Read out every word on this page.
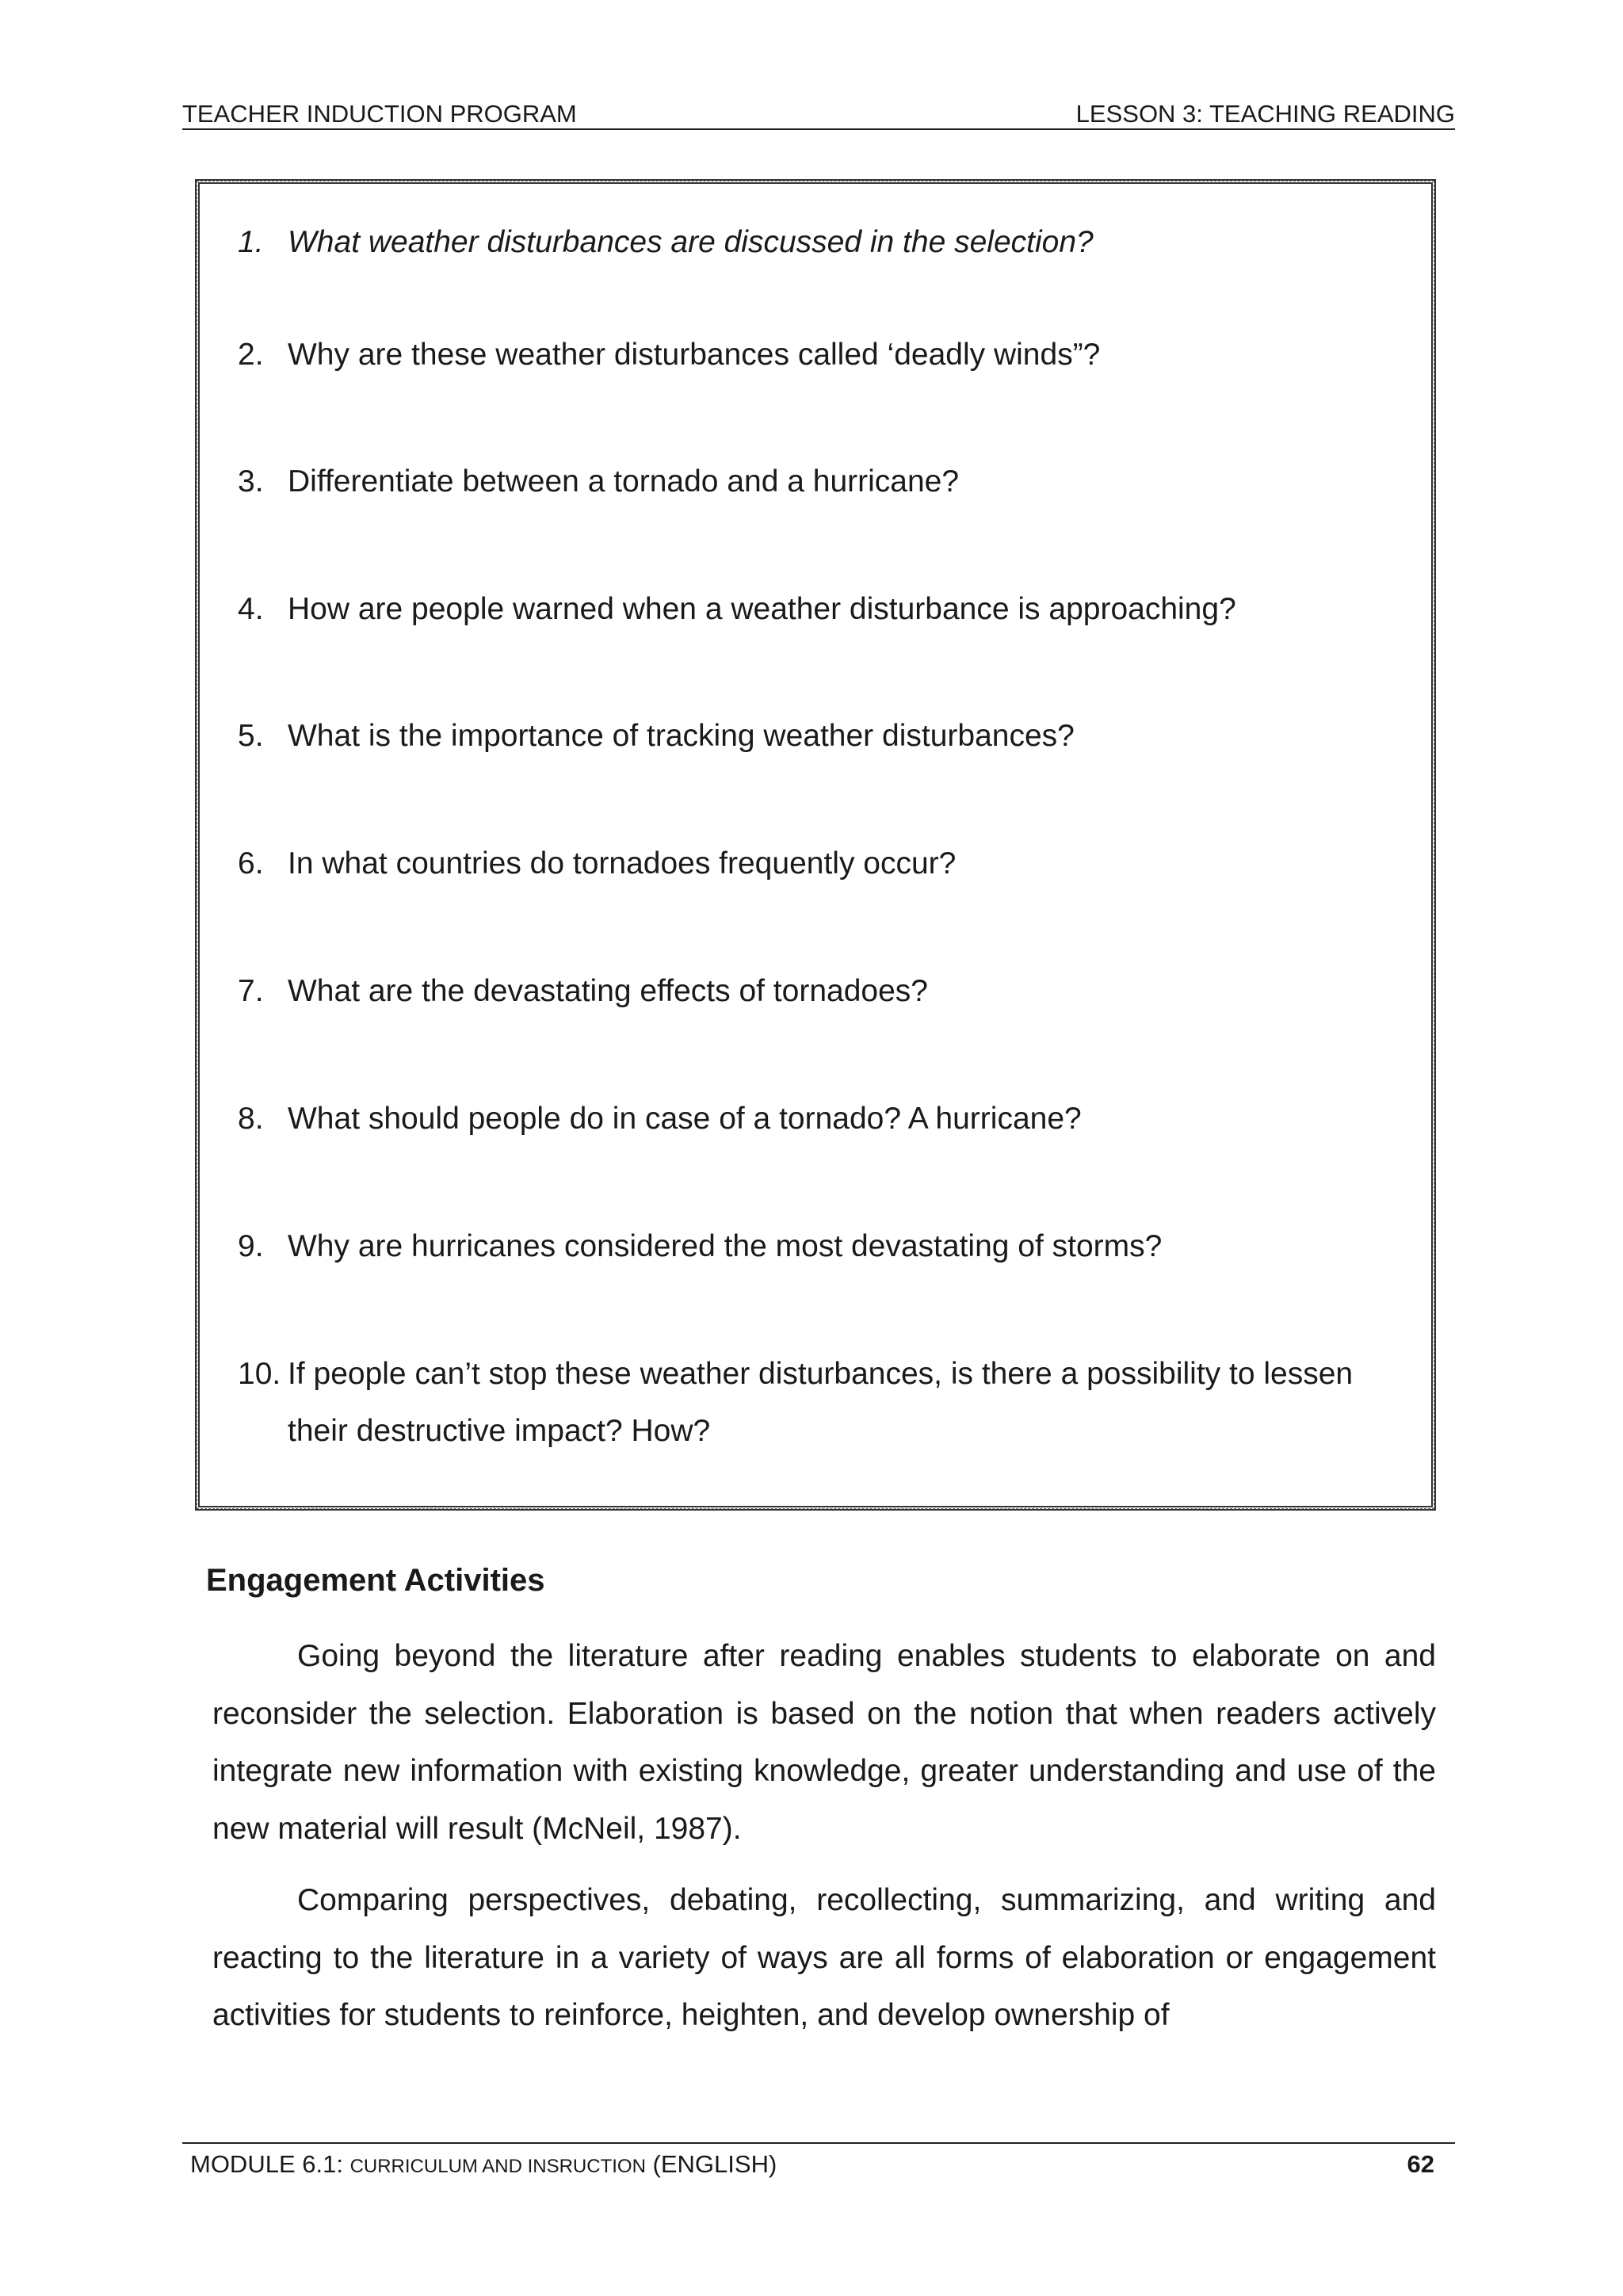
TEACHER INDUCTION PROGRAM	LESSON 3: TEACHING READING
1. What weather disturbances are discussed in the selection?
2. Why are these weather disturbances called ‘deadly winds”?
3. Differentiate between a tornado and a hurricane?
4. How are people warned when a weather disturbance is approaching?
5. What is the importance of tracking weather disturbances?
6. In what countries do tornadoes frequently occur?
7. What are the devastating effects of tornadoes?
8. What should people do in case of a tornado? A hurricane?
9. Why are hurricanes considered the most devastating of storms?
10. If people can’t stop these weather disturbances, is there a possibility to lessen their destructive impact? How?
Engagement Activities

Going beyond the literature after reading enables students to elaborate on and reconsider the selection. Elaboration is based on the notion that when readers actively integrate new information with existing knowledge, greater understanding and use of the new material will result (McNeil, 1987).

Comparing perspectives, debating, recollecting, summarizing, and writing and reacting to the literature in a variety of ways are all forms of elaboration or engagement activities for students to reinforce, heighten, and develop ownership of

MODULE 6.1: CURRICULUM AND INSRUCTION (ENGLISH)	62
